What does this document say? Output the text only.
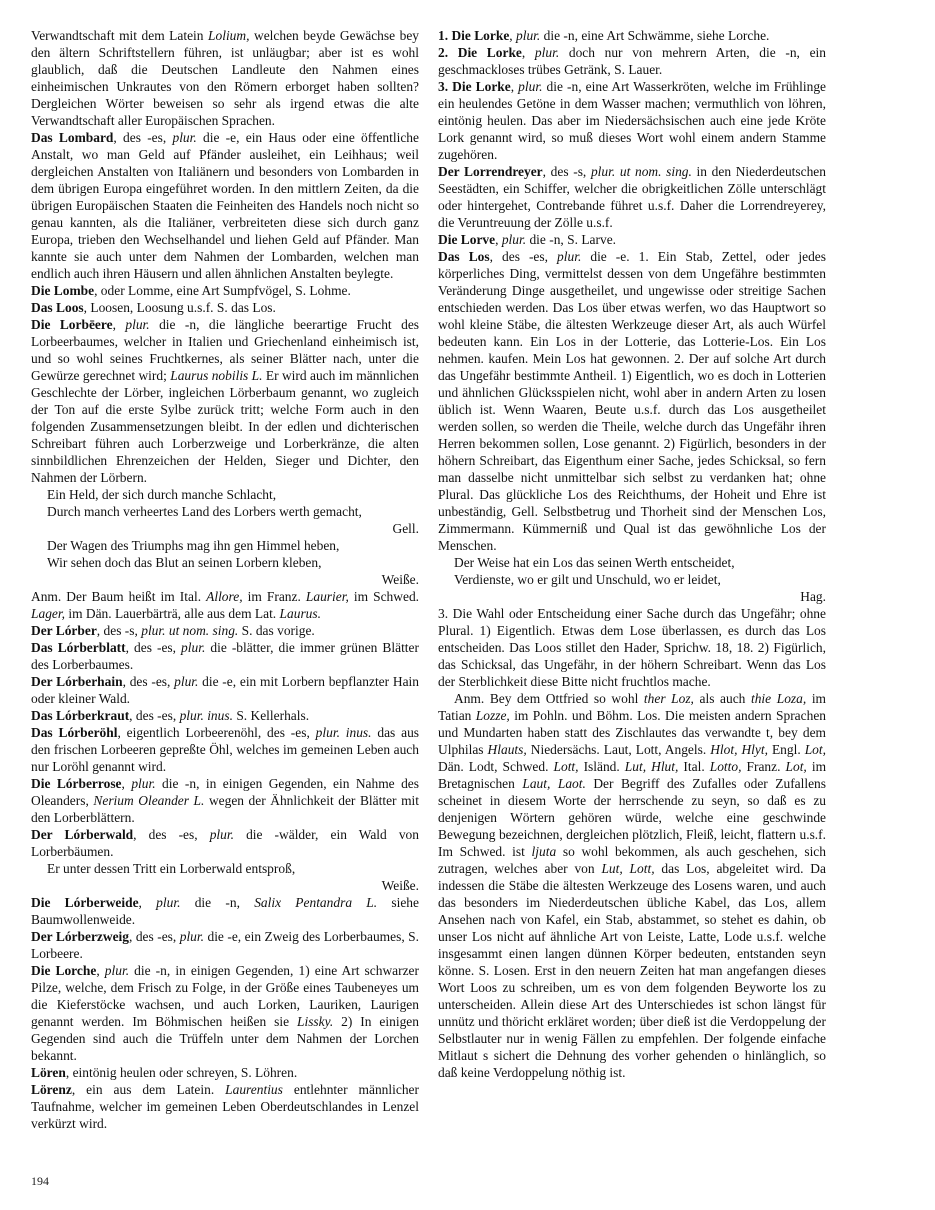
Verwandtschaft mit dem Latein Lolium, welchen beyde Gewächse bey den ältern Schriftstellern führen, ist unläugbar; aber ist es wohl glaublich, daß die Deutschen Landleute den Nahmen eines einheimischen Unkrautes von den Römern erborget haben sollten? Dergleichen Wörter beweisen so sehr als irgend etwas die alte Verwandtschaft aller Europäischen Sprachen.

Das Lombard, des -es, plur. die -e, ein Haus oder eine öffentliche Anstalt, wo man Geld auf Pfänder ausleihet, ein Leihhaus; weil dergleichen Anstalten von Italiänern und besonders von Lombarden in dem übrigen Europa eingeführet worden. In den mittlern Zeiten, da die übrigen Europäischen Staaten die Feinheiten des Handels noch nicht so genau kannten, als die Italiäner, verbreiteten diese sich durch ganz Europa, trieben den Wechselhandel und liehen Geld auf Pfänder. Man kannte sie auch unter dem Nahmen der Lombarden, welchen man endlich auch ihren Häusern und allen ähnlichen Anstalten beylegte.

Die Lombe, oder Lomme, eine Art Sumpfvögel, S. Lohme.

Das Loos, Loosen, Loosung u.s.f. S. das Los.

Die Lorbēere, plur. die -n, die längliche beerartige Frucht des Lorbeerbaumes, welcher in Italien und Griechenland einheimisch ist, und so wohl seines Fruchtkernes, als seiner Blätter nach, unter die Gewürze gerechnet wird; Laurus nobilis L. Er wird auch im männlichen Geschlechte der Lörber, ingleichen Lörberbaum genannt, wo zugleich der Ton auf die erste Sylbe zurück tritt; welche Form auch in den folgenden Zusammensetzungen bleibt. In der edlen und dichterischen Schreibart führen auch Lorberzweige und Lorberkränze, die alten sinnbildlichen Ehrenzeichen der Helden, Sieger und Dichter, den Nahmen der Lörbern.

Ein Held, der sich durch manche Schlacht,

Durch manch verheertes Land des Lorbers werth gemacht,

Gell.

Der Wagen des Triumphs mag ihn gen Himmel heben,

Wir sehen doch das Blut an seinen Lorbern kleben,

Weiße.

Anm. Der Baum heißt im Ital. Allore, im Franz. Laurier, im Schwed. Lager, im Dän. Lauerbärträ, alle aus dem Lat. Laurus.

Der Lórber, des -s, plur. ut nom. sing. S. das vorige.

Das Lórberblatt, des -es, plur. die -blätter, die immer grünen Blätter des Lorberbaumes.

Der Lórberhain, des -es, plur. die -e, ein mit Lorbern bepflanzter Hain oder kleiner Wald.

Das Lórberkraut, des -es, plur. inus. S. Kellerhals.

Das Lórberöhl, eigentlich Lorbeerenöhl, des -es, plur. inus. das aus den frischen Lorbeeren gepreßte Öhl, welches im gemeinen Leben auch nur Loröhl genannt wird.

Die Lórberrose, plur. die -n, in einigen Gegenden, ein Nahme des Oleanders, Nerium Oleander L. wegen der Ähnlichkeit der Blätter mit den Lorberblättern.

Der Lórberwald, des -es, plur. die -wälder, ein Wald von Lorberbäumen.

Er unter dessen Tritt ein Lorberwald entsproß,

Weiße.

Die Lórberweide, plur. die -n, Salix Pentandra L. siehe Baumwollenweide.

Der Lórberzweig, des -es, plur. die -e, ein Zweig des Lorberbaumes, S. Lorbeere.

Die Lorche, plur. die -n, in einigen Gegenden, 1) eine Art schwarzer Pilze, welche, dem Frisch zu Folge, in der Größe eines Taubeneyes um die Kieferstöcke wachsen, und auch Lorken, Lauriken, Laurigen genannt werden. Im Böhmischen heißen sie Lissky. 2) In einigen Gegenden sind auch die Trüffeln unter dem Nahmen der Lorchen bekannt.

Lören, eintönig heulen oder schreyen, S. Löhren.

Lörenz, ein aus dem Latein. Laurentius entlehnter männlicher Taufnahme, welcher im gemeinen Leben Oberdeutschlandes in Lenzel verkürzt wird.

1. Die Lorke, plur. die -n, eine Art Schwämme, siehe Lorche.

2. Die Lorke, plur. doch nur von mehrern Arten, die -n, ein geschmackloses trübes Getränk, S. Lauer.

3. Die Lorke, plur. die -n, eine Art Wasserkröten, welche im Frühlinge ein heulendes Getöne in dem Wasser machen; vermuthlich von löhren, eintönig heulen. Das aber im Niedersächsischen auch eine jede Kröte Lork genannt wird, so muß dieses Wort wohl einem andern Stamme zugehören.

Der Lorrendreyer, des -s, plur. ut nom. sing. in den Niederdeutschen Seestädten, ein Schiffer, welcher die obrigkeitlichen Zölle unterschlägt oder hintergehet, Contrebande führet u.s.f. Daher die Lorrendreyerey, die Veruntreuung der Zölle u.s.f.

Die Lorve, plur. die -n, S. Larve.

Das Los, des -es, plur. die -e. 1. Ein Stab, Zettel, oder jedes körperliches Ding, vermittelst dessen von dem Ungefähre bestimmten Veränderung Dinge ausgetheilet, und ungewisse oder streitige Sachen entschieden werden. Das Los über etwas werfen, wo das Hauptwort so wohl kleine Stäbe, die ältesten Werkzeuge dieser Art, als auch Würfel bedeuten kann. Ein Los in der Lotterie, das Lotterie-Los. Ein Los nehmen. kaufen. Mein Los hat gewonnen. 2. Der auf solche Art durch das Ungefähr bestimmte Antheil. 1) Eigentlich, wo es doch in Lotterien und ähnlichen Glücksspielen nicht, wohl aber in andern Arten zu losen üblich ist. Wenn Waaren, Beute u.s.f. durch das Los ausgetheilet werden sollen, so werden die Theile, welche durch das Ungefähr ihren Herren bekommen sollen, Lose genannt. 2) Figürlich, besonders in der höhern Schreibart, das Eigenthum einer Sache, jedes Schicksal, so fern man dasselbe nicht unmittelbar sich selbst zu verdanken hat; ohne Plural. Das glückliche Los des Reichthums, der Hoheit und Ehre ist unbeständig, Gell. Selbstbetrug und Thorheit sind der Menschen Los, Zimmermann. Kümmerniß und Qual ist das gewöhnliche Los der Menschen.

Der Weise hat ein Los das seinen Werth entscheidet,

Verdienste, wo er gilt und Unschuld, wo er leidet,

Hag.

3. Die Wahl oder Entscheidung einer Sache durch das Ungefähr; ohne Plural. 1) Eigentlich. Etwas dem Lose überlassen, es durch das Los entscheiden. Das Loos stillet den Hader, Sprichw. 18, 18. 2) Figürlich, das Schicksal, das Ungefähr, in der höhern Schreibart. Wenn das Los der Sterblichkeit diese Bitte nicht fruchtlos mache.

Anm. Bey dem Ottfried so wohl ther Loz, als auch thie Loza, im Tatian Lozze, im Pohln. und Böhm. Los. Die meisten andern Sprachen und Mundarten haben statt des Zischlautes das verwandte t, bey dem Ulphilas Hlauts, Niedersächs. Laut, Lott, Angels. Hlot, Hlyt, Engl. Lot, Dän. Lodt, Schwed. Lott, Isländ. Lut, Hlut, Ital. Lotto, Franz. Lot, im Bretagnischen Laut, Laot. Der Begriff des Zufalles oder Zufallens scheinet in diesem Worte der herrschende zu seyn, so daß es zu denjenigen Wörtern gehören würde, welche eine geschwinde Bewegung bezeichnen, dergleichen plötzlich, Fleiß, leicht, flattern u.s.f. Im Schwed. ist ljuta so wohl bekommen, als auch geschehen, sich zutragen, welches aber von Lut, Lott, das Los, abgeleitet wird. Da indessen die Stäbe die ältesten Werkzeuge des Losens waren, und auch das besonders im Niederdeutschen übliche Kabel, das Los, allem Ansehen nach von Kafel, ein Stab, abstammet, so stehet es dahin, ob unser Los nicht auf ähnliche Art von Leiste, Latte, Lode u.s.f. welche insgesammt einen langen dünnen Körper bedeuten, entstanden seyn könne. S. Losen. Erst in den neuern Zeiten hat man angefangen dieses Wort Loos zu schreiben, um es von dem folgenden Beyworte los zu unterscheiden. Allein diese Art des Unterschiedes ist schon längst für unnütz und thöricht erkläret worden; über dieß ist die Verdoppelung der Selbstlauter nur in wenig Fällen zu empfehlen. Der folgende einfache Mitlaut s sichert die Dehnung des vorher gehenden o hinlänglich, so daß keine Verdoppelung nöthig ist.

194
